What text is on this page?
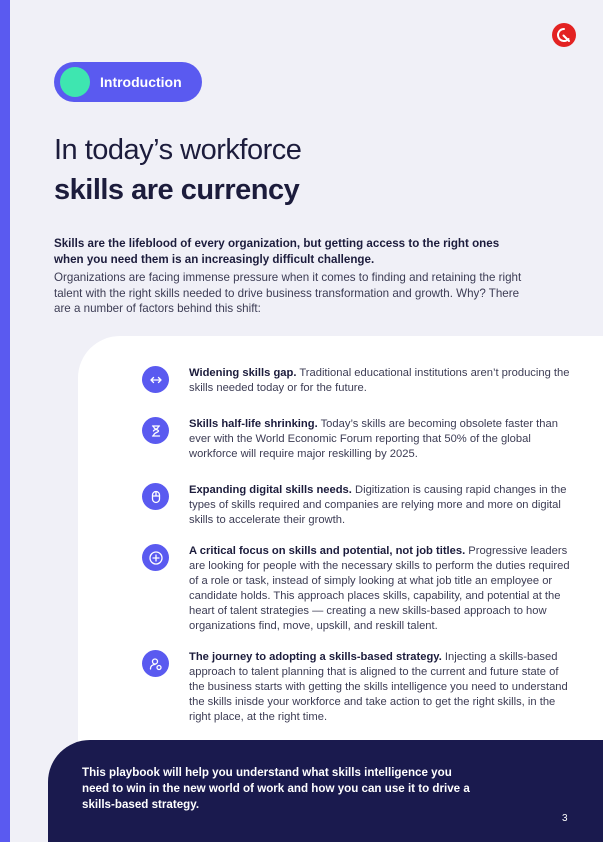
Introduction
In today’s workforce
skills are currency
Skills are the lifeblood of every organization, but getting access to the right ones when you need them is an increasingly difficult challenge.
Organizations are facing immense pressure when it comes to finding and retaining the right talent with the right skills needed to drive business transformation and growth. Why? There are a number of factors behind this shift:
Widening skills gap. Traditional educational institutions aren’t producing the skills needed today or for the future.
Skills half-life shrinking. Today’s skills are becoming obsolete faster than ever with the World Economic Forum reporting that 50% of the global workforce will require major reskilling by 2025.
Expanding digital skills needs. Digitization is causing rapid changes in the types of skills required and companies are relying more and more on digital skills to accelerate their growth.
A critical focus on skills and potential, not job titles. Progressive leaders are looking for people with the necessary skills to perform the duties required of a role or task, instead of simply looking at what job title an employee or candidate holds. This approach places skills, capability, and potential at the heart of talent strategies — creating a new skills-based approach to how organizations find, move, upskill, and reskill talent.
The journey to adopting a skills-based strategy. Injecting a skills-based approach to talent planning that is aligned to the current and future state of the business starts with getting the skills intelligence you need to understand the skills inisde your workforce and take action to get the right skills, in the right place, at the right time.
This playbook will help you understand what skills intelligence you need to win in the new world of work and how you can use it to drive a skills-based strategy.
3
